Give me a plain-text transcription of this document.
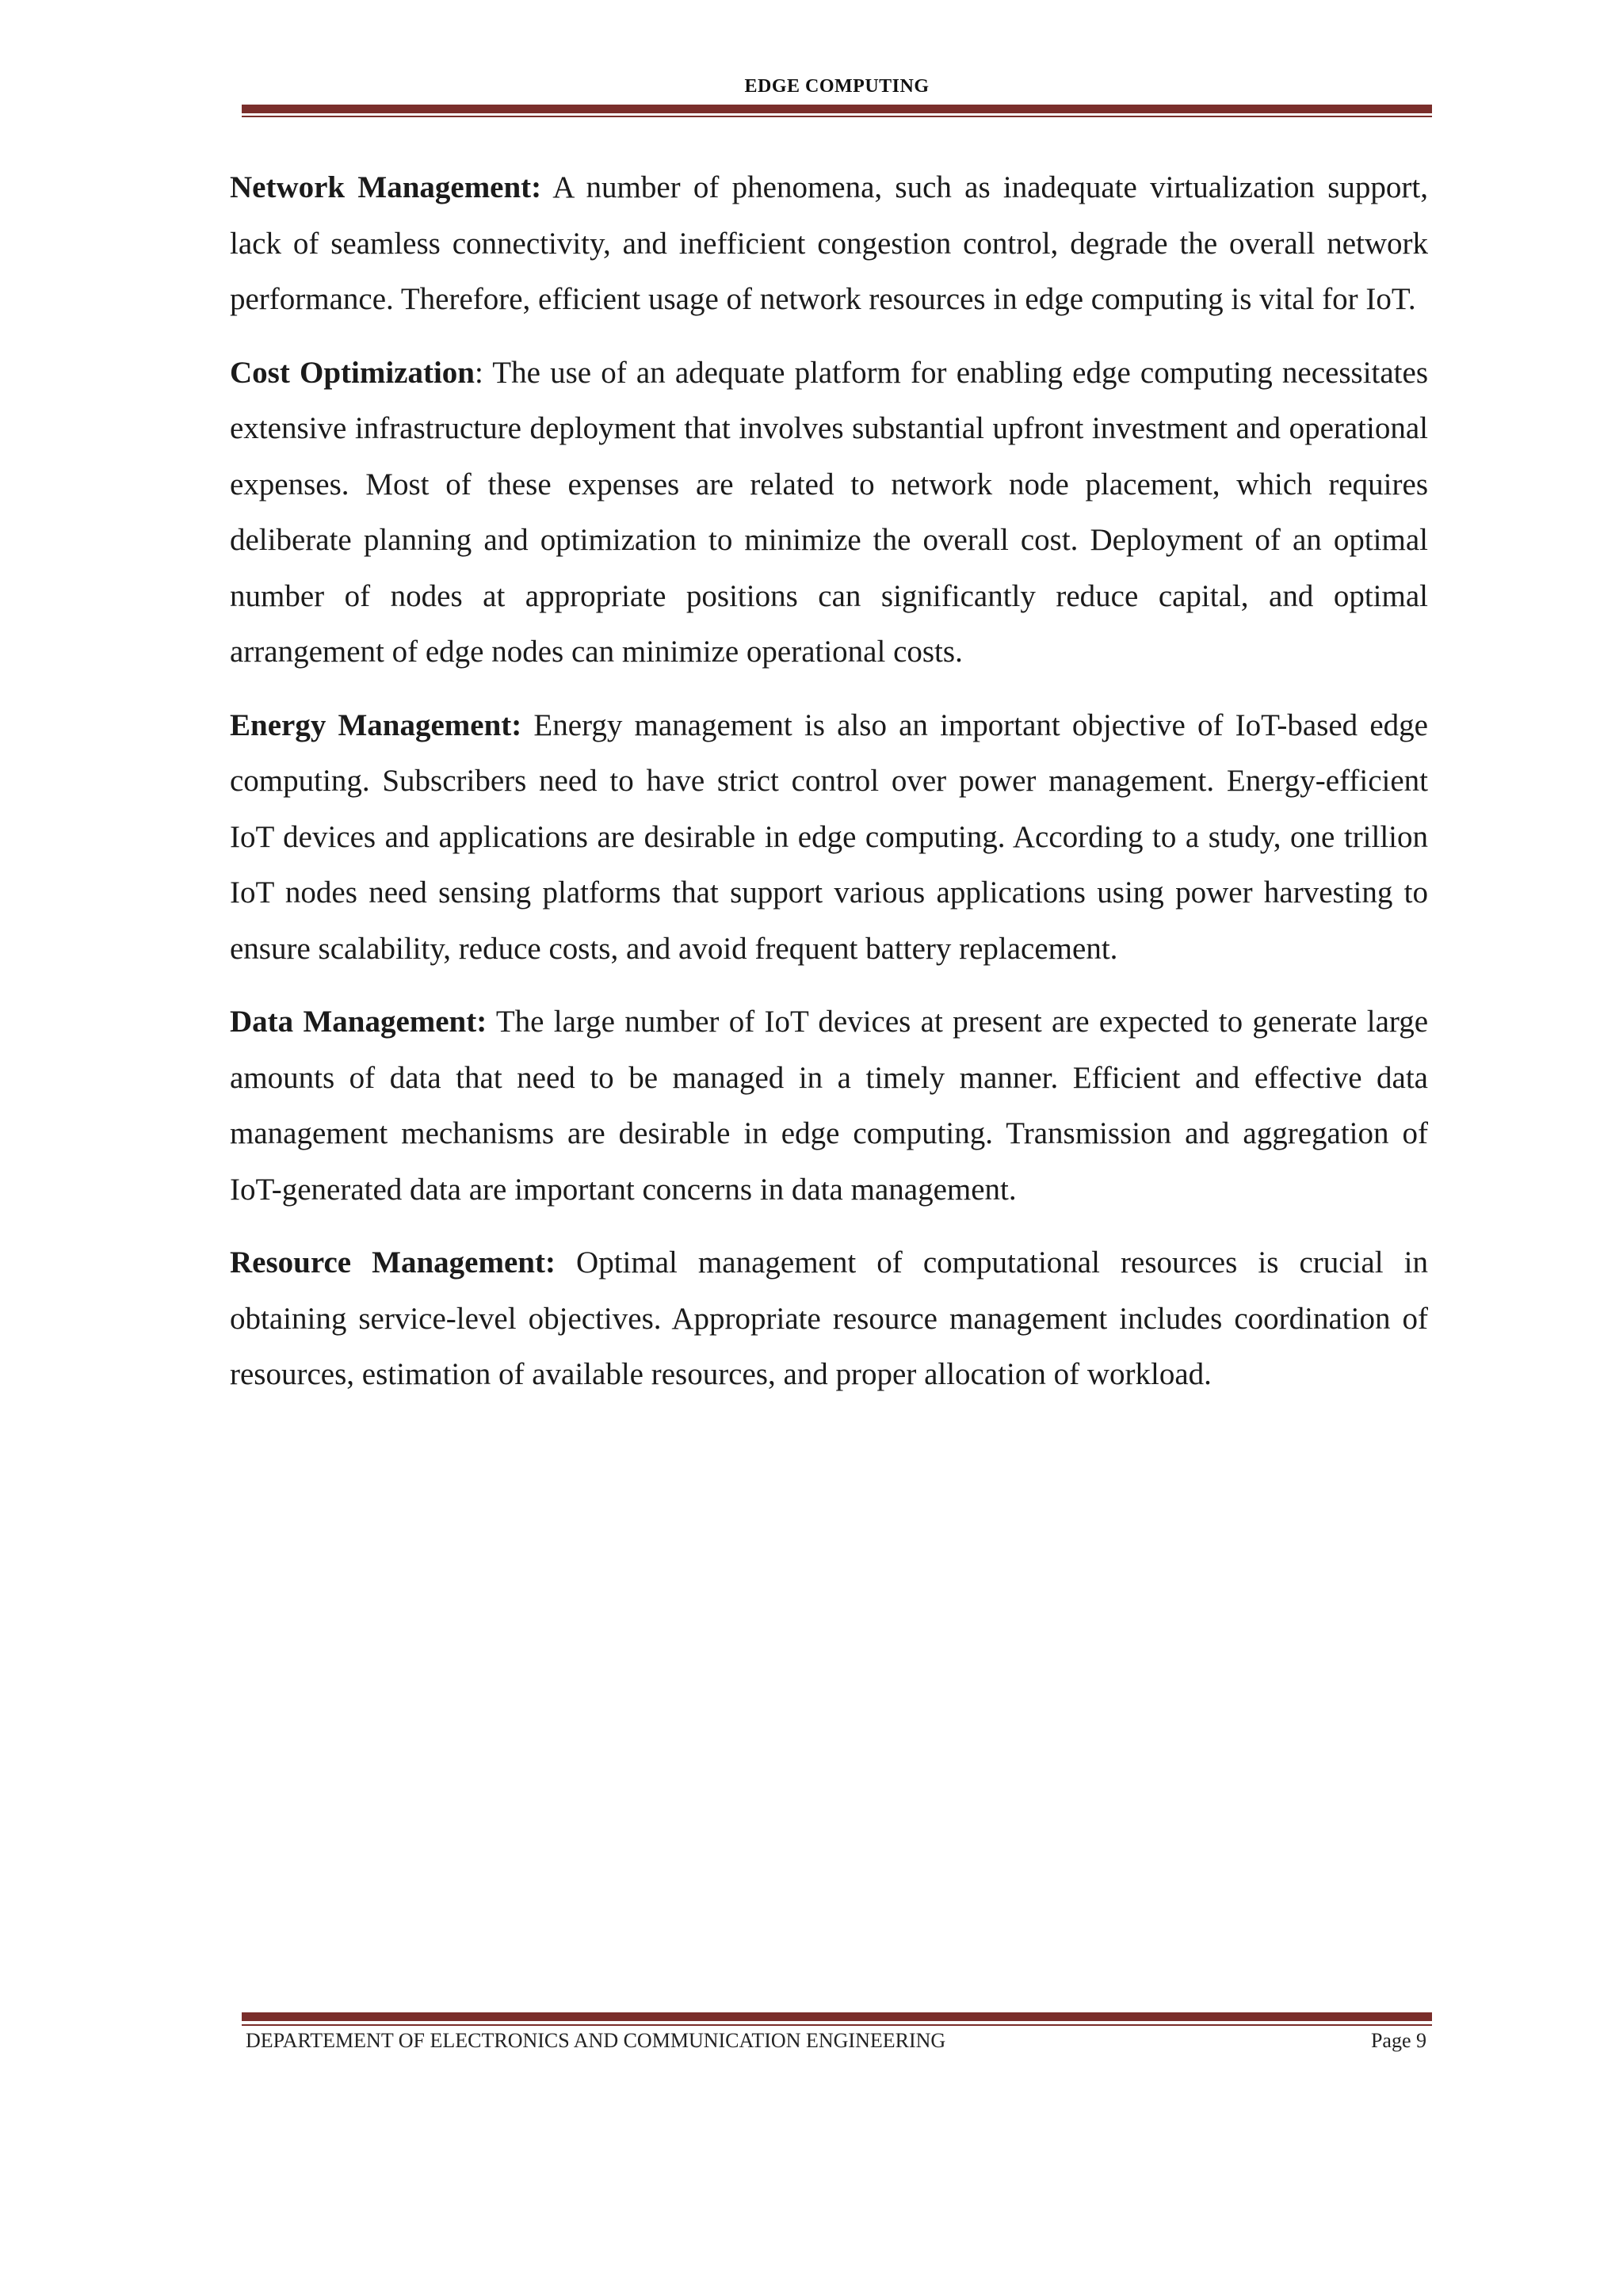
EDGE COMPUTING

Network Management: A number of phenomena, such as inadequate virtualization support, lack of seamless connectivity, and inefficient congestion control, degrade the overall network performance. Therefore, efficient usage of network resources in edge computing is vital for IoT.

Cost Optimization: The use of an adequate platform for enabling edge computing necessitates extensive infrastructure deployment that involves substantial upfront investment and operational expenses. Most of these expenses are related to network node placement, which requires deliberate planning and optimization to minimize the overall cost. Deployment of an optimal number of nodes at appropriate positions can significantly reduce capital, and optimal arrangement of edge nodes can minimize operational costs.

Energy Management: Energy management is also an important objective of IoT-based edge computing. Subscribers need to have strict control over power management. Energy-efficient IoT devices and applications are desirable in edge computing. According to a study, one trillion IoT nodes need sensing platforms that support various applications using power harvesting to ensure scalability, reduce costs, and avoid frequent battery replacement.

Data Management: The large number of IoT devices at present are expected to generate large amounts of data that need to be managed in a timely manner. Efficient and effective data management mechanisms are desirable in edge computing. Transmission and aggregation of IoT-generated data are important concerns in data management.

Resource Management: Optimal management of computational resources is crucial in obtaining service-level objectives. Appropriate resource management includes coordination of resources, estimation of available resources, and proper allocation of workload.

DEPARTEMENT OF ELECTRONICS AND COMMUNICATION ENGINEERING	Page 9
